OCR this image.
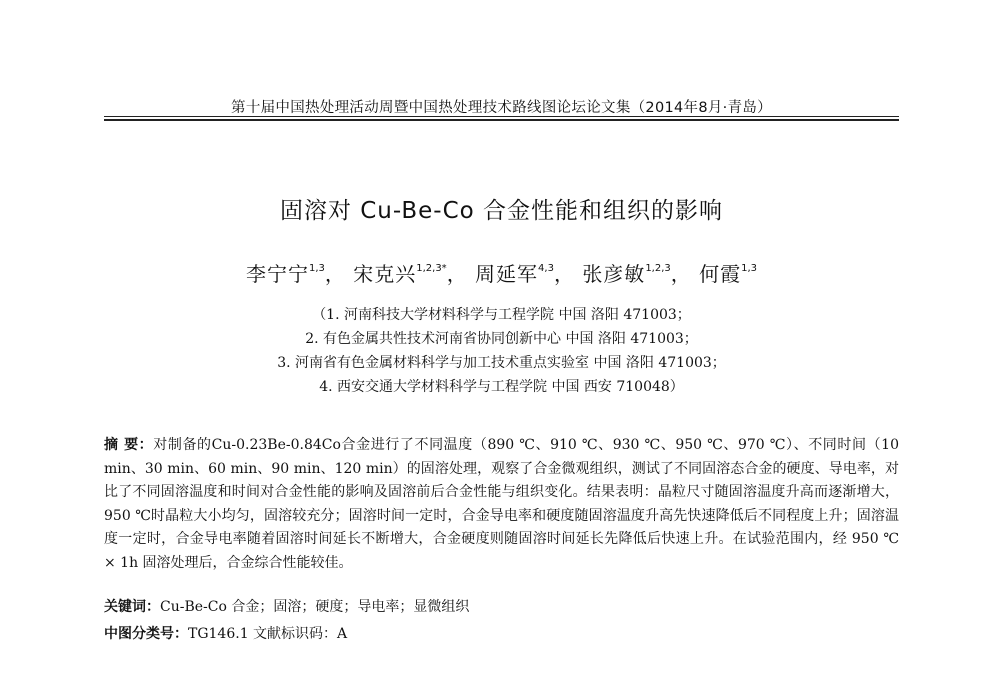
第十届中国热处理活动周暨中国热处理技术路线图论坛论文集（2014年8月·青岛）
固溶对 Cu-Be-Co 合金性能和组织的影响
李宁宁$^{1,3}$， 宋克兴$^{1,2,3*}$， 周延军$^{4,3}$， 张彦敏$^{1,2,3}$， 何霞$^{1,3}$
（1. 河南科技大学材料科学与工程学院 中国 洛阳 471003；
2. 有色金属共性技术河南省协同创新中心 中国 洛阳 471003；
3. 河南省有色金属材料科学与加工技术重点实验室 中国 洛阳 471003；
4. 西安交通大学材料科学与工程学院 中国 西安 710048）
摘 要：对制备的Cu-0.23Be-0.84Co合金进行了不同温度（890 ℃、910 ℃、930 ℃、950 ℃、970 ℃）、不同时间（10 min、30 min、60 min、90 min、120 min）的固溶处理，观察了合金微观组织，测试了不同固溶态合金的硬度、导电率，对比了不同固溶温度和时间对合金性能的影响及固溶前后合金性能与组织变化。结果表明：晶粒尺寸随固溶温度升高而逐渐增大，950 ℃时晶粒大小均匀，固溶较充分；固溶时间一定时，合金导电率和硬度随固溶温度升高先快速降低后不同程度上升；固溶温度一定时，合金导电率随着固溶时间延长不断增大，合金硬度则随固溶时间延长先降低后快速上升。在试验范围内，经 950 ℃ × 1h 固溶处理后，合金综合性能较佳。
关键词：Cu-Be-Co 合金；固溶；硬度；导电率；显微组织
中图分类号：TG146.1 文献标识码：A
